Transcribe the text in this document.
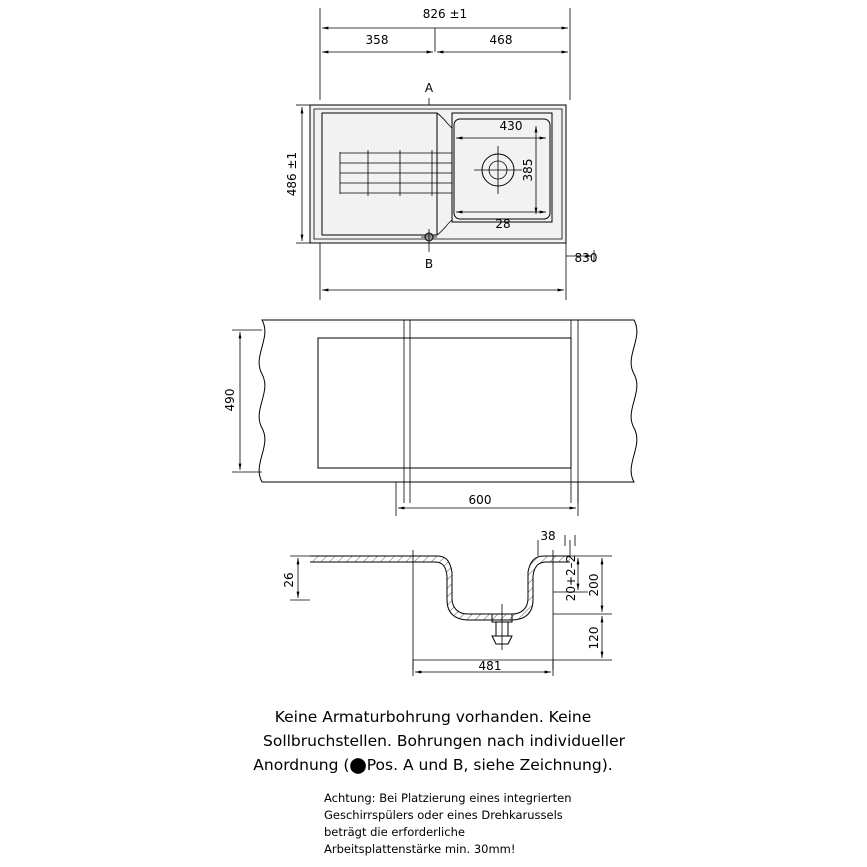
826 ±1
358	468
A
430
385
28
486 ±1
B	830
490
600
38
26	20+2–2 200
120
481
Keine Armaturbohrung vorhanden. Keine
Sollbruchstellen. Bohrungen nach individueller
Anordnung (⬤Pos. A und B, siehe Zeichnung).
Achtung: Bei Platzierung eines integrierten
Geschirrspülers oder eines Drehkarussels
beträgt die erforderliche
Arbeitsplattenstärke min. 30mm!
